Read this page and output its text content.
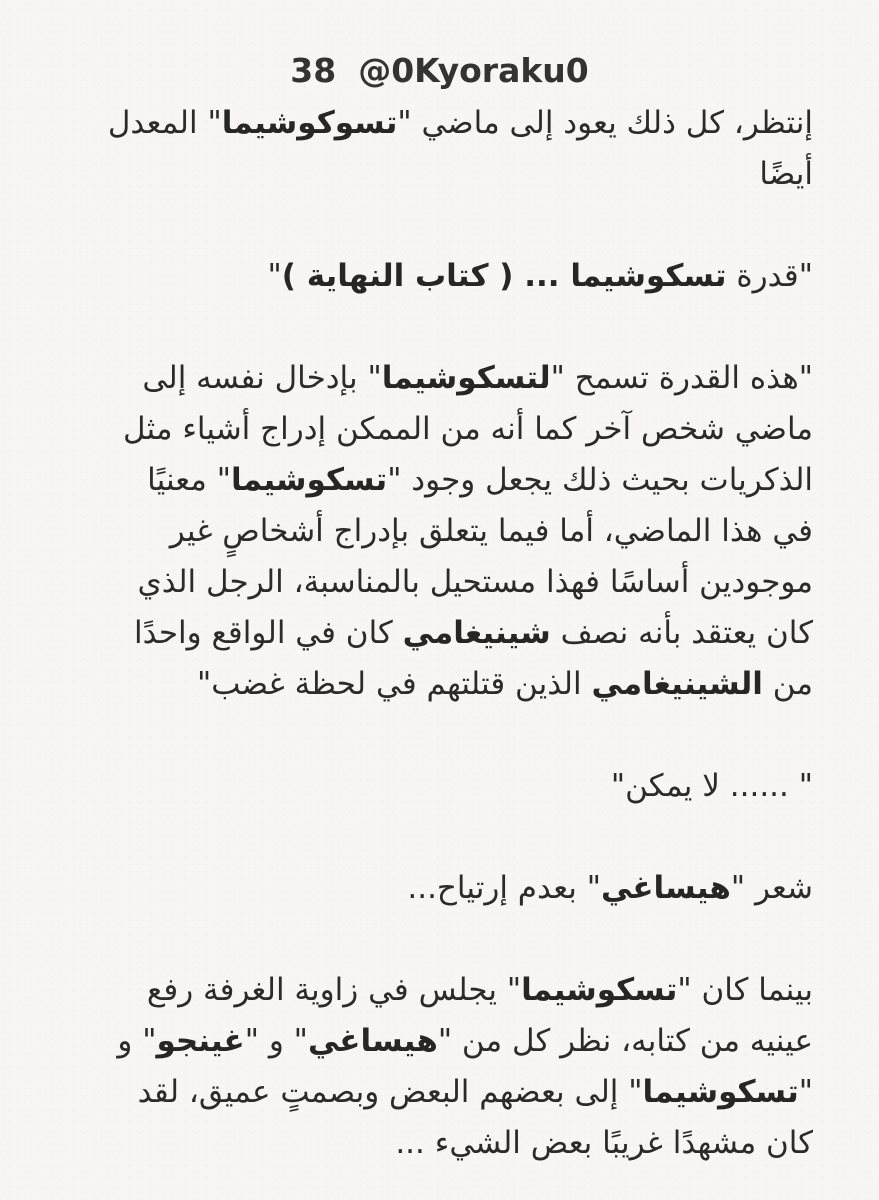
38 @0Kyoraku0
إنتظر، كل ذلك يعود إلى ماضي "تسوكوشيما" المعدل
أيضًا
"قدرة تسكوشيما ... ( كتاب النهاية )"
"هذه القدرة تسمح "لتسكوشيما" بإدخال نفسه إلى
ماضي شخص آخر كما أنه من الممكن إدراج أشياء مثل
الذكريات بحيث ذلك يجعل وجود "تسكوشيما" معنيًا
في هذا الماضي، أما فيما يتعلق بإدراج أشخاصٍ غير
موجودين أساسًا فهذا مستحيل بالمناسبة، الرجل الذي
كان يعتقد بأنه نصف شينيغامي كان في الواقع واحدًا
من الشينيغامي الذين قتلتهم في لحظة غضب"
" ...... لا يمكن"
شعر "هيساغي" بعدم إرتياح...
بينما كان "تسكوشيما" يجلس في زاوية الغرفة رفع
عينيه من كتابه، نظر كل من "هيساغي" و "غينجو" و
"تسكوشيما" إلى بعضهم البعض وبصمتٍ عميق، لقد
كان مشهدًا غريبًا بعض الشيء ...
